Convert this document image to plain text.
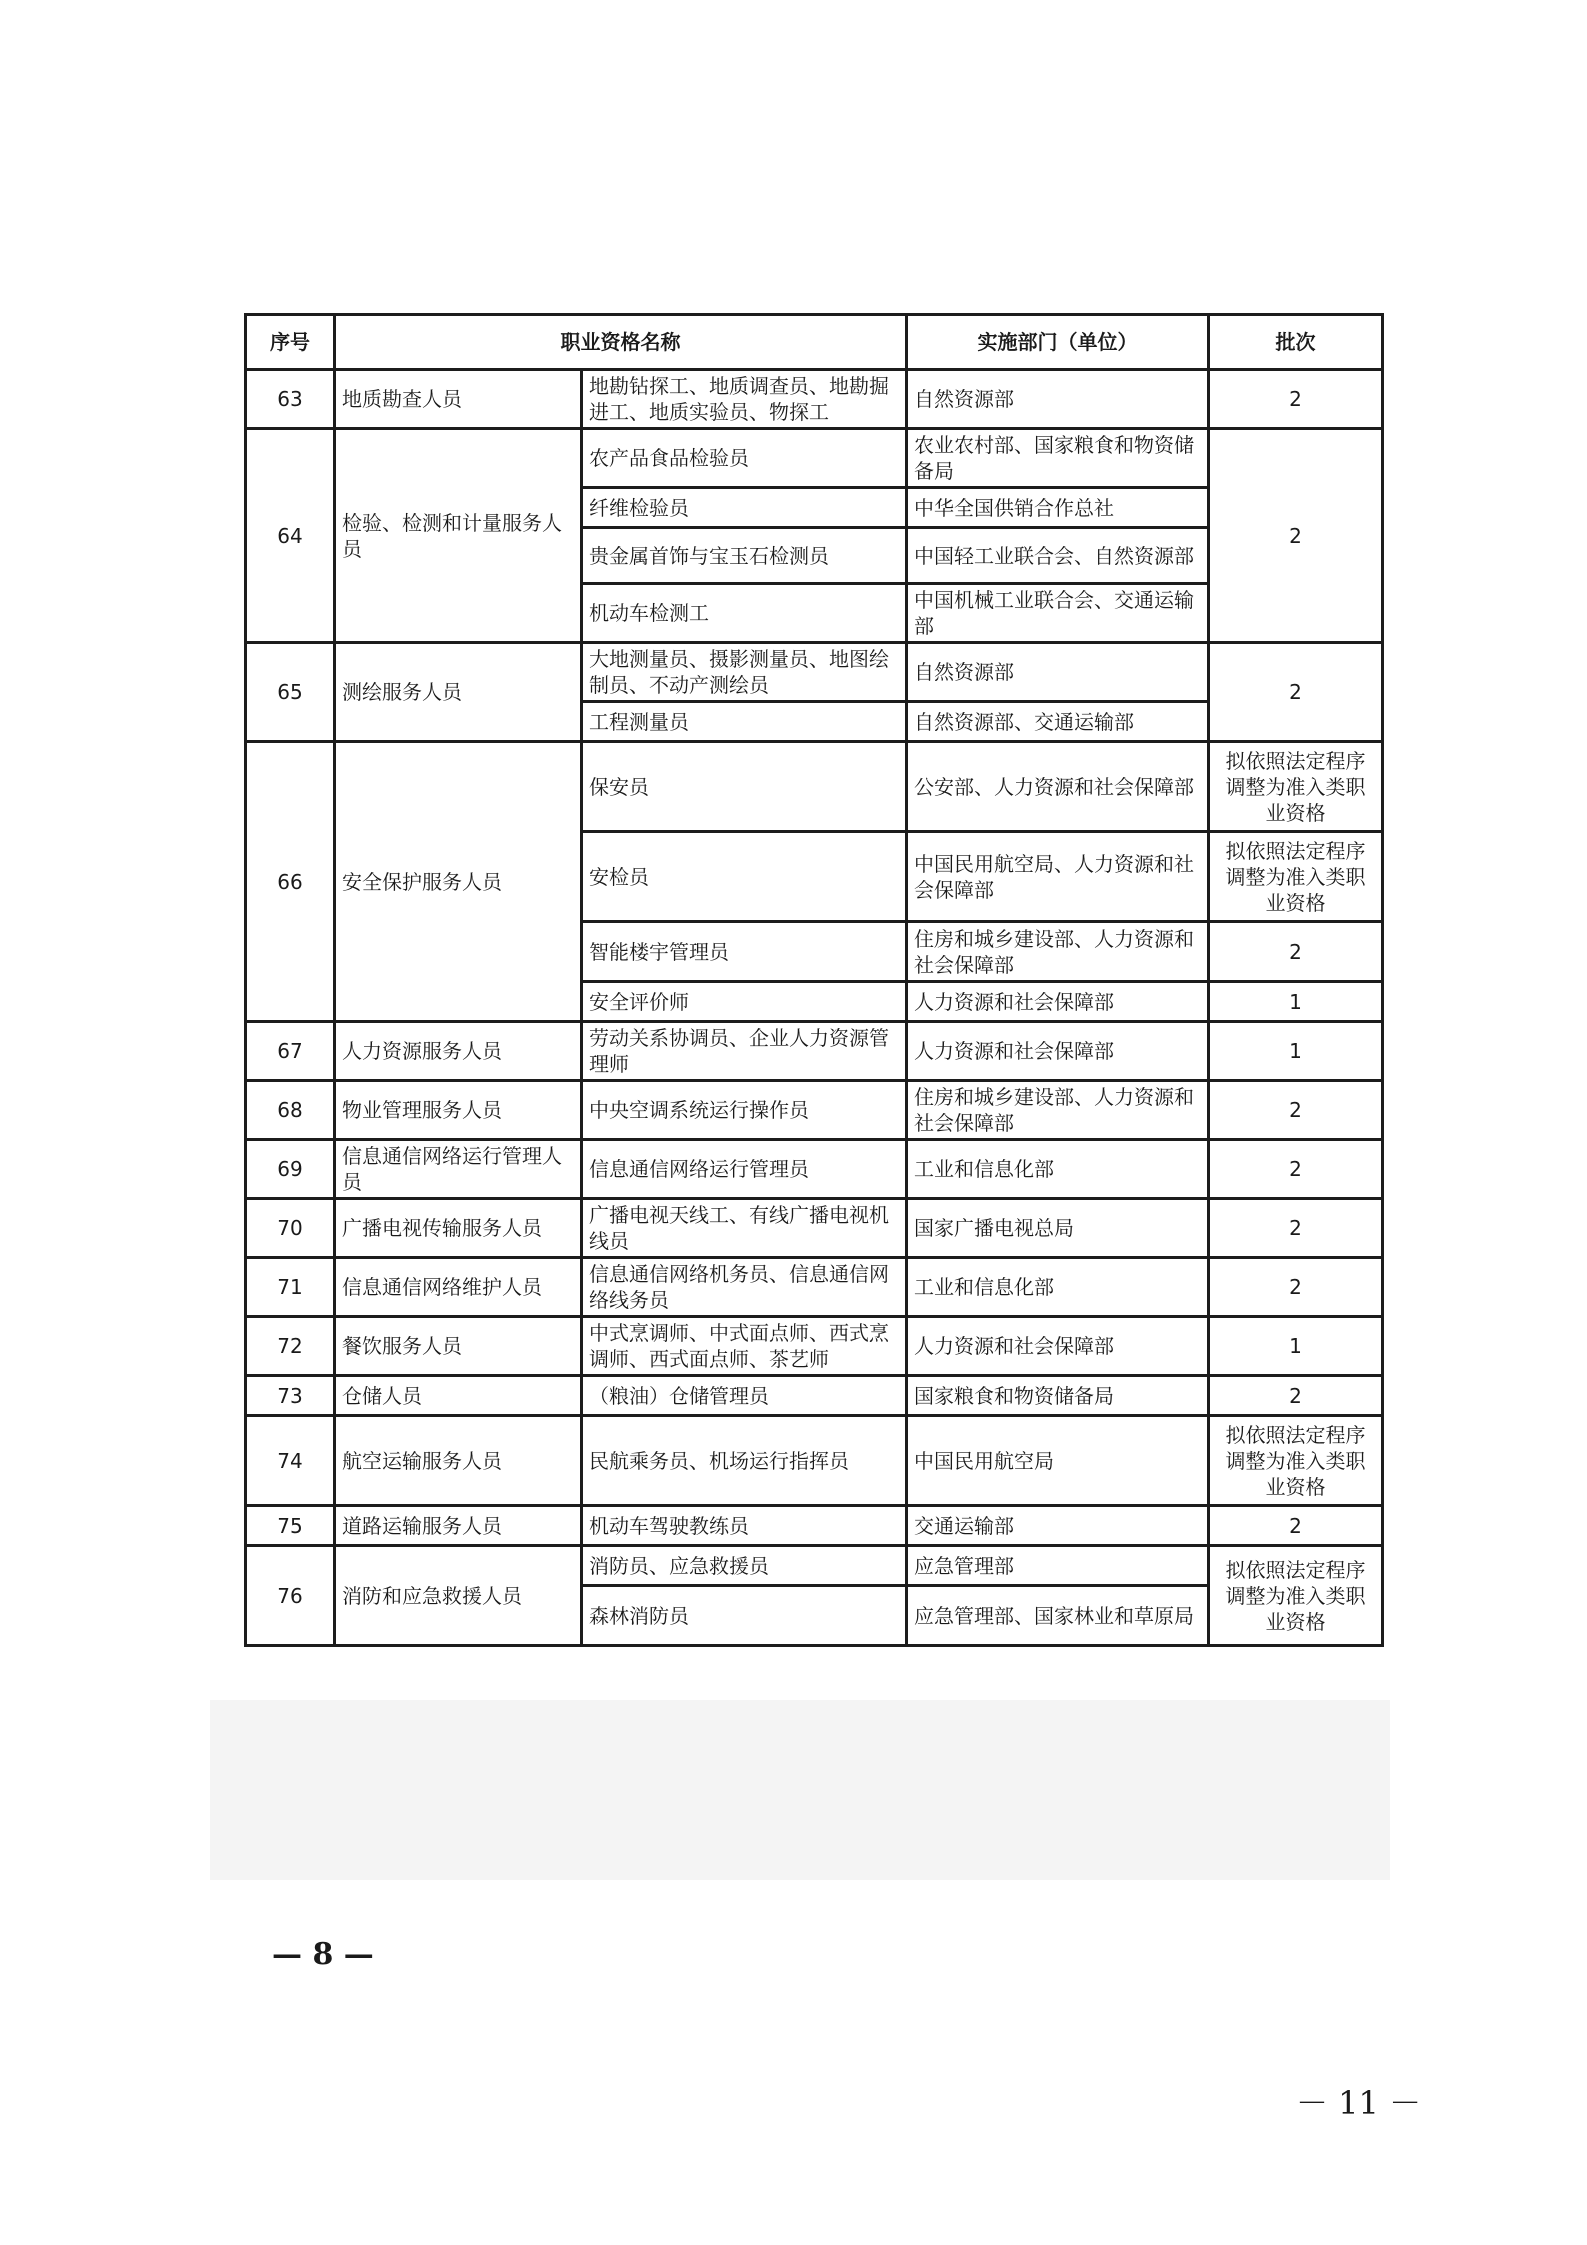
序号	职业资格名称		实施部门（单位）	批次
63	地质勘查人员	地勘钻探工、地质调查员、地勘掘进工、地质实验员、物探工	自然资源部	2
64	检验、检测和计量服务人员	农产品食品检验员	农业农村部、国家粮食和物资储备局	2
		纤维检验员	中华全国供销合作总社	
		贵金属首饰与宝玉石检测员	中国轻工业联合会、自然资源部	
		机动车检测工	中国机械工业联合会、交通运输部	
65	测绘服务人员	大地测量员、摄影测量员、地图绘制员、不动产测绘员	自然资源部	2
		工程测量员	自然资源部、交通运输部	
66	安全保护服务人员	保安员	公安部、人力资源和社会保障部	拟依照法定程序调整为准入类职业资格
		安检员	中国民用航空局、人力资源和社会保障部	拟依照法定程序调整为准入类职业资格
		智能楼宇管理员	住房和城乡建设部、人力资源和社会保障部	2
		安全评价师	人力资源和社会保障部	1
67	人力资源服务人员	劳动关系协调员、企业人力资源管理师	人力资源和社会保障部	1
68	物业管理服务人员	中央空调系统运行操作员	住房和城乡建设部、人力资源和社会保障部	2
69	信息通信网络运行管理人员	信息通信网络运行管理员	工业和信息化部	2
70	广播电视传输服务人员	广播电视天线工、有线广播电视机线员	国家广播电视总局	2
71	信息通信网络维护人员	信息通信网络机务员、信息通信网络线务员	工业和信息化部	2
72	餐饮服务人员	中式烹调师、中式面点师、西式烹调师、西式面点师、茶艺师	人力资源和社会保障部	1
73	仓储人员	（粮油）仓储管理员	国家粮食和物资储备局	2
74	航空运输服务人员	民航乘务员、机场运行指挥员	中国民用航空局	拟依照法定程序调整为准入类职业资格
75	道路运输服务人员	机动车驾驶教练员	交通运输部	2
76	消防和应急救援人员	消防员、应急救援员	应急管理部	拟依照法定程序调整为准入类职业资格
		森林消防员	应急管理部、国家林业和草原局	
— 8 —
－ 11 －
